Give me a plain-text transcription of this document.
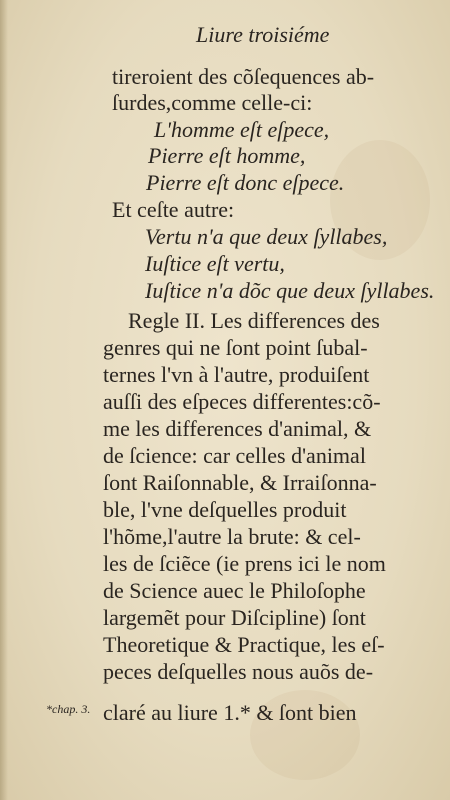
Liure troisiéme
tireroient des cõſequences ab-
ſurdes,comme celle-ci:
L'homme eſt eſpece,
Pierre eſt homme,
Pierre eſt donc eſpece.
Et ceſte autre:
Vertu n'a que deux ſyllabes,
Iuſtice eſt vertu,
Iuſtice n'a dõc que deux ſyllabes.
Regle II. Les differences des
genres qui ne ſont point ſubal-
ternes l'vn à l'autre, produiſent
auſſi des eſpeces differentes:cõ-
me les differences d'animal, &
de ſcience: car celles d'animal
ſont Raiſonnable, & Irraiſonna-
ble, l'vne deſquelles produit
l'hõme,l'autre la brute: & cel-
les de ſciẽce (ie prens ici le nom
de Science auec le Philoſophe
largemẽt pour Diſcipline) ſont
Theoretique & Practique, les eſ-
peces deſquelles nous auõs de-
claré au liure 1.* & ſont bien
*chap. 3.
